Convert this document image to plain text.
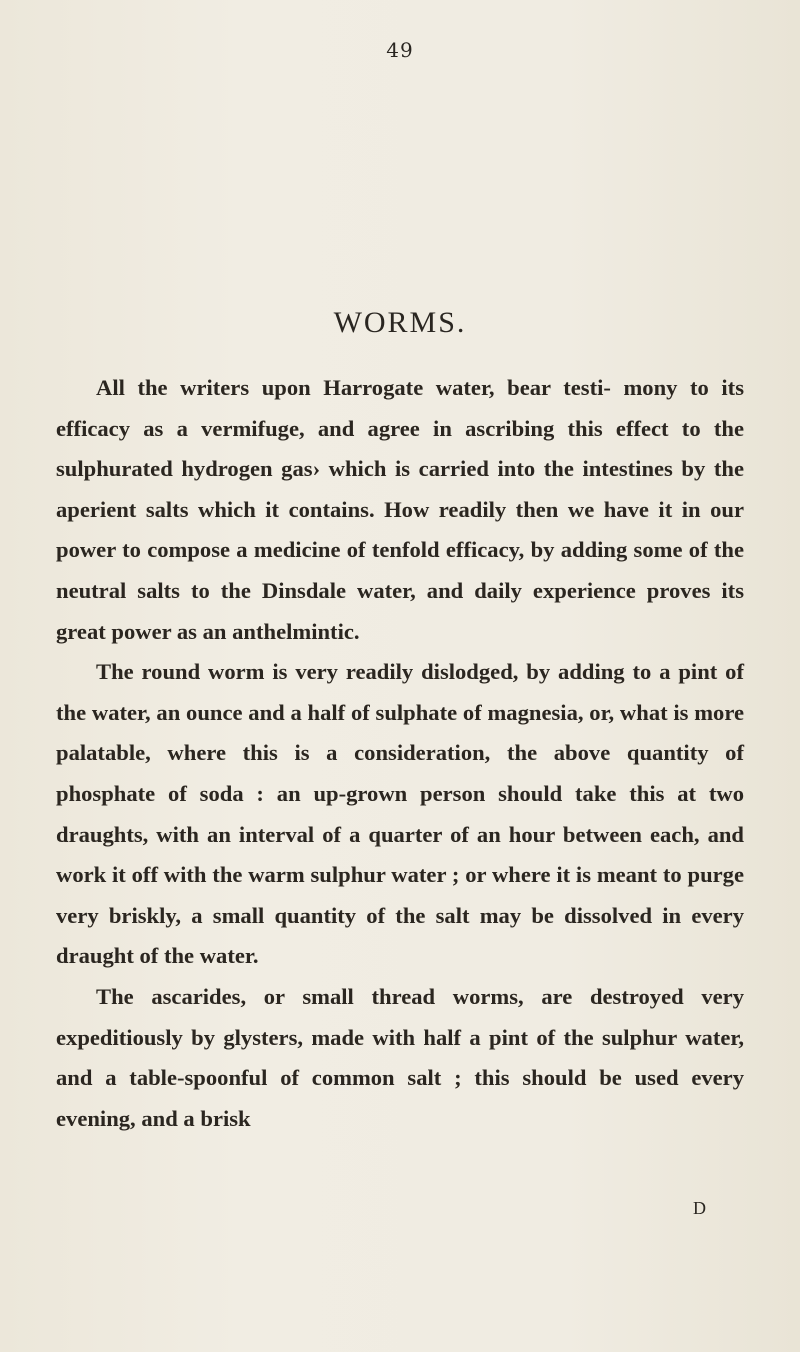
49
WORMS.

All the writers upon Harrogate water, bear testi- mony to its efficacy as a vermifuge, and agree in ascribing this effect to the sulphurated hydrogen gas› which is carried into the intestines by the aperient salts which it contains. How readily then we have it in our power to compose a medicine of tenfold efficacy, by adding some of the neutral salts to the Dinsdale water, and daily experience proves its great power as an anthelmintic.

The round worm is very readily dislodged, by adding to a pint of the water, an ounce and a half of sulphate of magnesia, or, what is more palatable, where this is a consideration, the above quantity of phosphate of soda : an up-grown person should take this at two draughts, with an interval of a quarter of an hour between each, and work it off with the warm sulphur water ; or where it is meant to purge very briskly, a small quantity of the salt may be dissolved in every draught of the water.

The ascarides, or small thread worms, are destroyed very expeditiously by glysters, made with half a pint of the sulphur water, and a table-spoonful of common salt ; this should be used every evening, and a brisk

D
